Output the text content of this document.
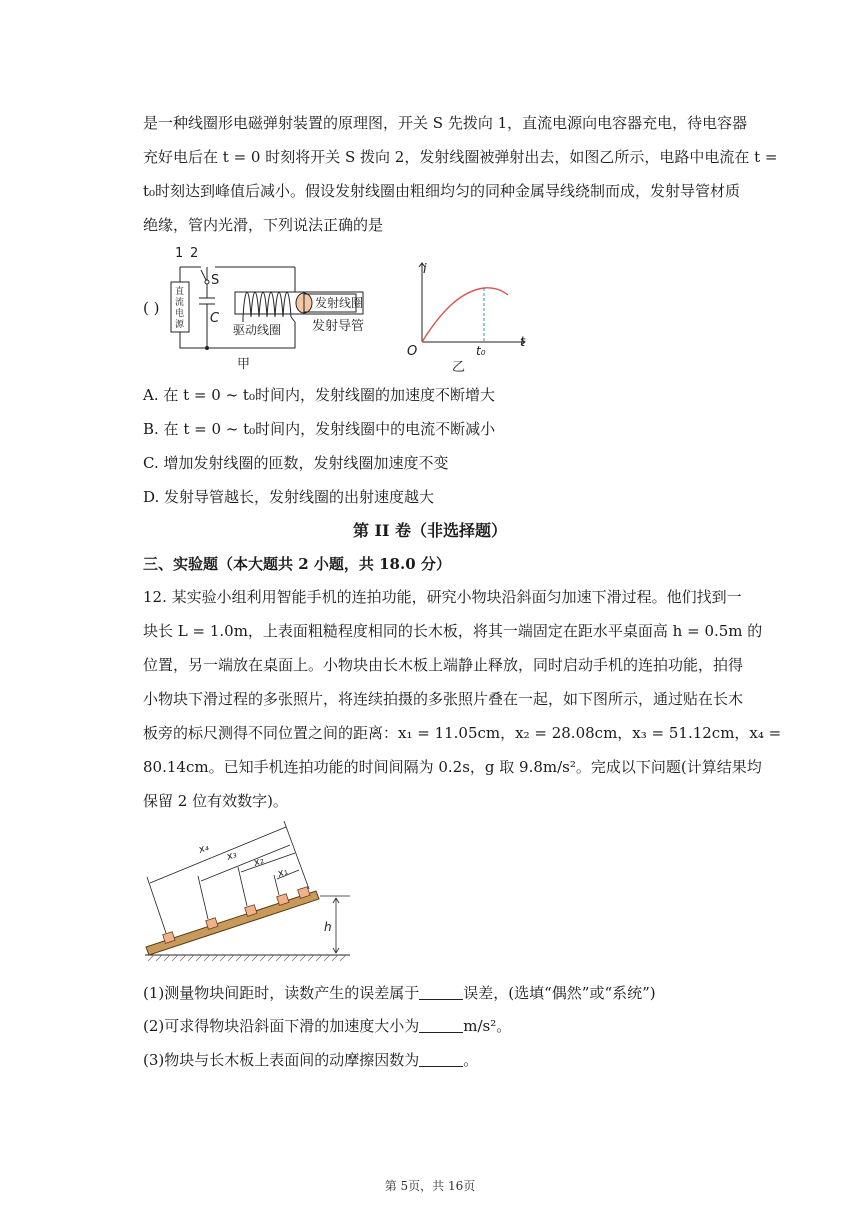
是一种线圈形电磁弹射装置的原理图，开关 S 先拨向 1，直流电源向电容器充电，待电容器
充好电后在 t = 0 时刻将开关 S 拨向 2，发射线圈被弹射出去，如图乙所示，电路中电流在 t =
t₀时刻达到峰值后减小。假设发射线圈由粗细均匀的同种金属导线绕制而成，发射导管材质
绝缘，管内光滑，下列说法正确的是
( )
1 2
S
C
直
流
电
源
发射线圈
驱动线圈 发射导管
甲
i
t
O	t₀
乙
A. 在 t = 0 ~ t₀时间内，发射线圈的加速度不断增大
B. 在 t = 0 ~ t₀时间内，发射线圈中的电流不断减小
C. 增加发射线圈的匝数，发射线圈加速度不变
D. 发射导管越长，发射线圈的出射速度越大
第 II 卷（非选择题）
三、实验题（本大题共 2 小题，共 18.0 分）
12. 某实验小组利用智能手机的连拍功能，研究小物块沿斜面匀加速下滑过程。他们找到一
块长 L = 1.0m，上表面粗糙程度相同的长木板，将其一端固定在距水平桌面高 h = 0.5m 的
位置，另一端放在桌面上。小物块由长木板上端静止释放，同时启动手机的连拍功能，拍得
小物块下滑过程的多张照片，将连续拍摄的多张照片叠在一起，如下图所示，通过贴在长木
板旁的标尺测得不同位置之间的距离：x₁ = 11.05cm，x₂ = 28.08cm，x₃ = 51.12cm，x₄ =
80.14cm。已知手机连拍功能的时间间隔为 0.2s，g 取 9.8m/s²。完成以下问题(计算结果均
保留 2 位有效数字)。
x₄
x₃ x₂
x₁
h
(1)测量物块间距时，读数产生的误差属于	误差，(选填“偶然”或“系统”)
(2)可求得物块沿斜面下滑的加速度大小为	m/s²。
(3)物块与长木板上表面间的动摩擦因数为	。
第 5页，共 16页
